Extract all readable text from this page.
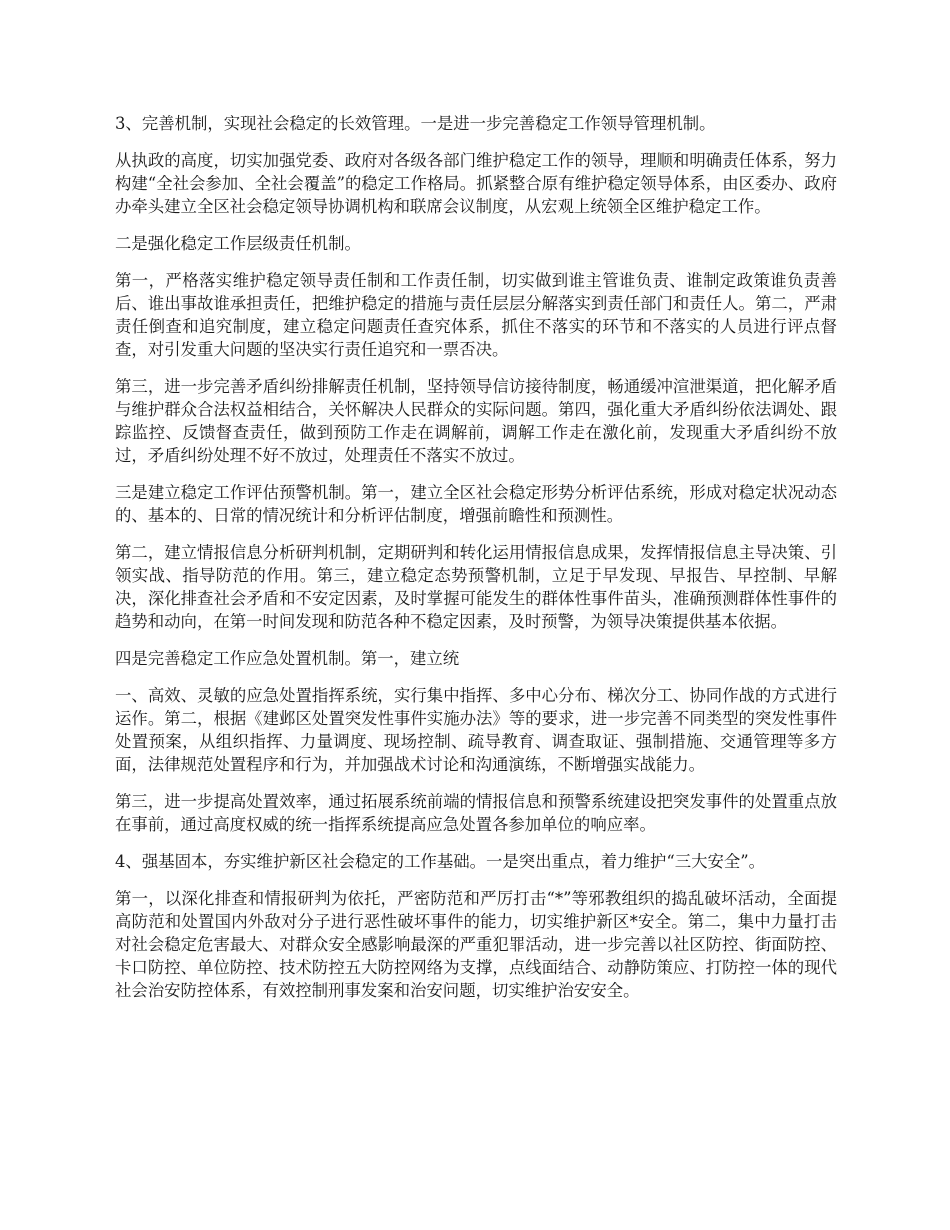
3、完善机制，实现社会稳定的长效管理。一是进一步完善稳定工作领导管理机制。

从执政的高度，切实加强党委、政府对各级各部门维护稳定工作的领导，理顺和明确责任体系，努力构建“全社会参加、全社会覆盖”的稳定工作格局。抓紧整合原有维护稳定领导体系，由区委办、政府办牵头建立全区社会稳定领导协调机构和联席会议制度，从宏观上统领全区维护稳定工作。

二是强化稳定工作层级责任机制。

第一，严格落实维护稳定领导责任制和工作责任制，切实做到谁主管谁负责、谁制定政策谁负责善后、谁出事故谁承担责任，把维护稳定的措施与责任层层分解落实到责任部门和责任人。第二，严肃责任倒查和追究制度，建立稳定问题责任查究体系，抓住不落实的环节和不落实的人员进行评点督查，对引发重大问题的坚决实行责任追究和一票否决。

第三，进一步完善矛盾纠纷排解责任机制，坚持领导信访接待制度，畅通缓冲渲泄渠道，把化解矛盾与维护群众合法权益相结合，关怀解决人民群众的实际问题。第四，强化重大矛盾纠纷依法调处、跟踪监控、反馈督查责任，做到预防工作走在调解前，调解工作走在激化前，发现重大矛盾纠纷不放过，矛盾纠纷处理不好不放过，处理责任不落实不放过。

三是建立稳定工作评估预警机制。第一，建立全区社会稳定形势分析评估系统，形成对稳定状况动态的、基本的、日常的情况统计和分析评估制度，增强前瞻性和预测性。

第二，建立情报信息分析研判机制，定期研判和转化运用情报信息成果，发挥情报信息主导决策、引领实战、指导防范的作用。第三，建立稳定态势预警机制，立足于早发现、早报告、早控制、早解决，深化排查社会矛盾和不安定因素，及时掌握可能发生的群体性事件苗头，准确预测群体性事件的趋势和动向，在第一时间发现和防范各种不稳定因素，及时预警，为领导决策提供基本依据。

四是完善稳定工作应急处置机制。第一，建立统

一、高效、灵敏的应急处置指挥系统，实行集中指挥、多中心分布、梯次分工、协同作战的方式进行运作。第二，根据《建邺区处置突发性事件实施办法》等的要求，进一步完善不同类型的突发性事件处置预案，从组织指挥、力量调度、现场控制、疏导教育、调查取证、强制措施、交通管理等多方面，法律规范处置程序和行为，并加强战术讨论和沟通演练，不断增强实战能力。

第三，进一步提高处置效率，通过拓展系统前端的情报信息和预警系统建设把突发事件的处置重点放在事前，通过高度权威的统一指挥系统提高应急处置各参加单位的响应率。

4、强基固本，夯实维护新区社会稳定的工作基础。一是突出重点，着力维护“三大安全”。

第一，以深化排查和情报研判为依托，严密防范和严厉打击“*”等邪教组织的捣乱破坏活动，全面提高防范和处置国内外敌对分子进行恶性破坏事件的能力，切实维护新区*安全。第二，集中力量打击对社会稳定危害最大、对群众安全感影响最深的严重犯罪活动，进一步完善以社区防控、街面防控、卡口防控、单位防控、技术防控五大防控网络为支撑，点线面结合、动静防策应、打防控一体的现代社会治安防控体系，有效控制刑事发案和治安问题，切实维护治安安全。
